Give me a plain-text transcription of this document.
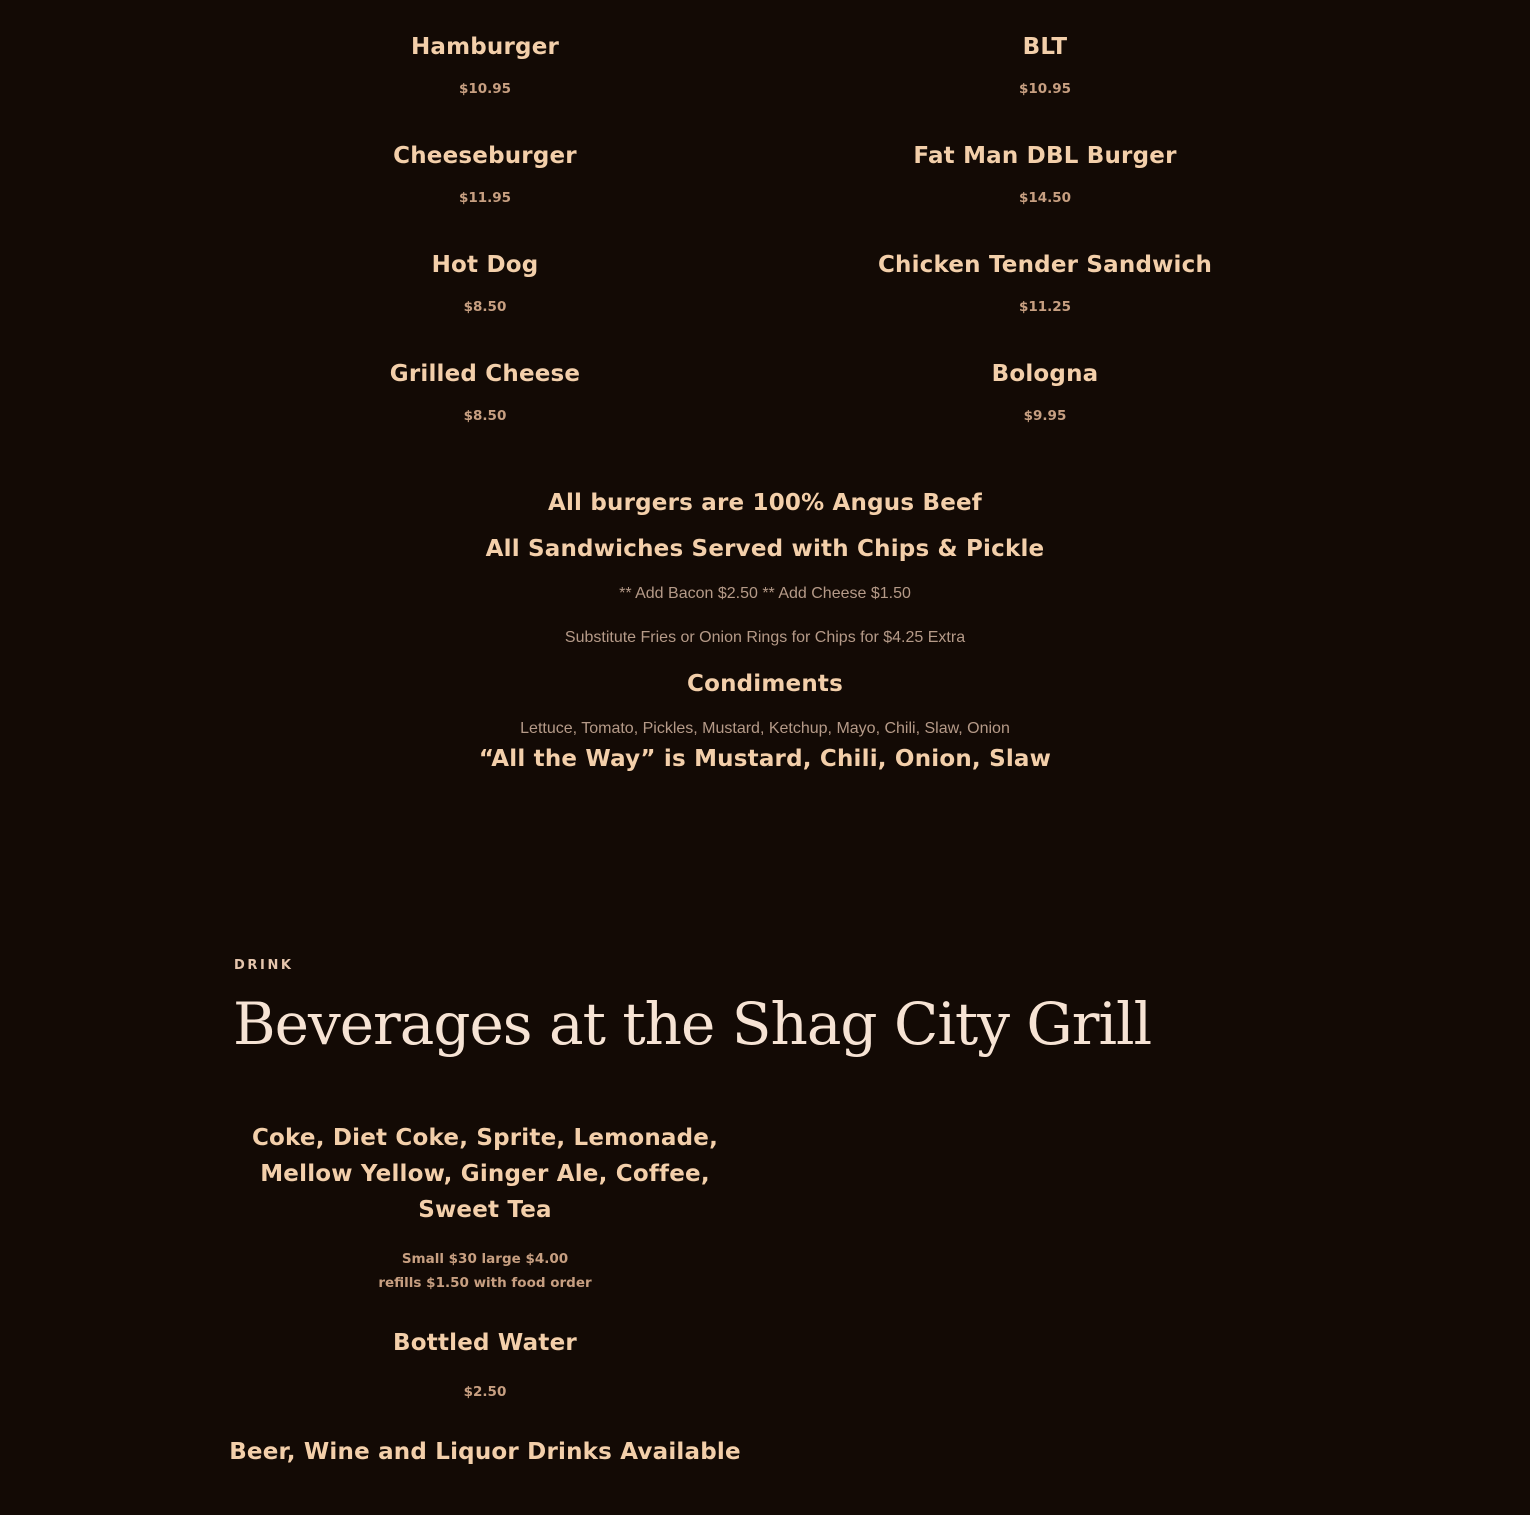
Hamburger
$10.95
BLT
$10.95
Cheeseburger
$11.95
Fat Man DBL Burger
$14.50
Hot Dog
$8.50
Chicken Tender Sandwich
$11.25
Grilled Cheese
$8.50
Bologna
$9.95
All burgers are 100% Angus Beef
All Sandwiches Served with Chips & Pickle
** Add Bacon $2.50 ** Add Cheese $1.50
Substitute Fries or Onion Rings for Chips for $4.25 Extra
Condiments
Lettuce, Tomato, Pickles, Mustard, Ketchup, Mayo, Chili, Slaw, Onion
“All the Way” is Mustard, Chili, Onion, Slaw
DRINK
Beverages at the Shag City Grill
Coke, Diet Coke, Sprite, Lemonade,
Mellow Yellow, Ginger Ale, Coffee,
Sweet Tea
Small $30 large $4.00
refills $1.50 with food order
Bottled Water
$2.50
Beer, Wine and Liquor Drinks Available
